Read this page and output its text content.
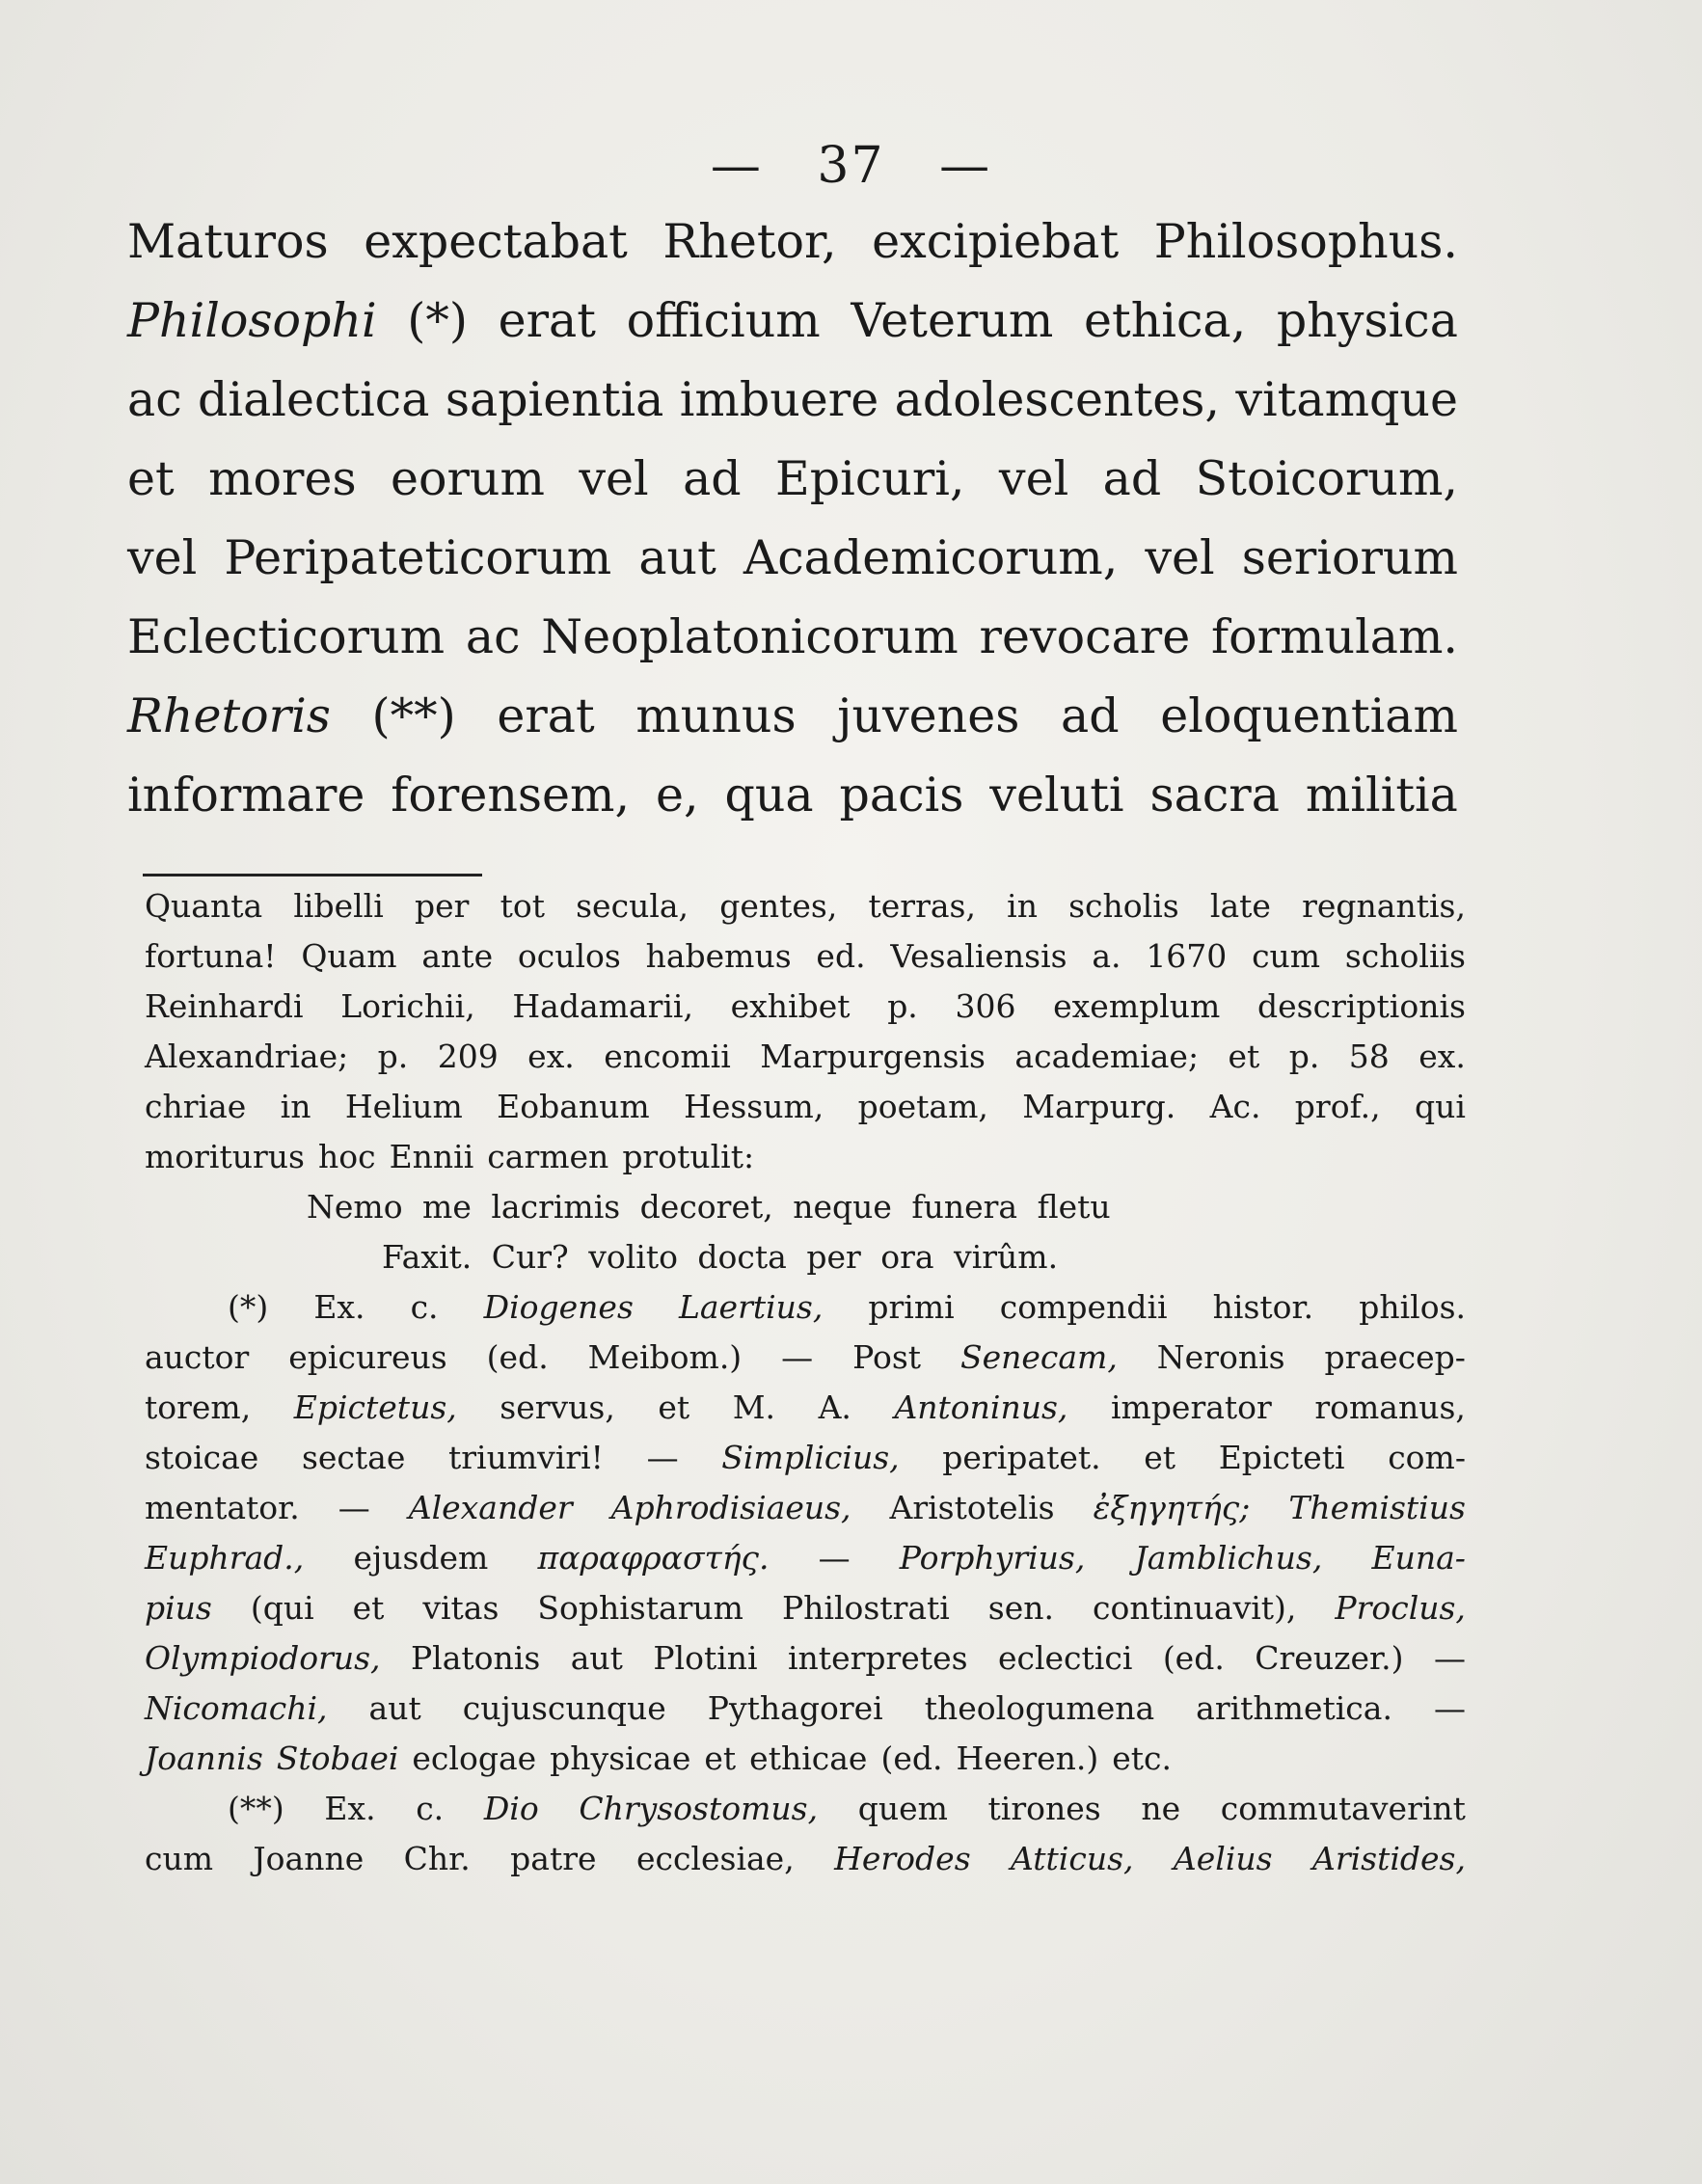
— 37 —
Maturos expectabat Rhetor, excipiebat Philosophus.
Philosophi (*) erat officium Veterum ethica, physica
ac dialectica sapientia imbuere adolescentes, vitamque
et mores eorum vel ad Epicuri, vel ad Stoicorum,
vel Peripateticorum aut Academicorum, vel seriorum
Eclecticorum ac Neoplatonicorum revocare formulam.
Rhetoris (**) erat munus juvenes ad eloquentiam
informare forensem, e, qua pacis veluti sacra militia
Quanta libelli per tot secula, gentes, terras, in scholis late regnantis,
fortuna! Quam ante oculos habemus ed. Vesaliensis a. 1670 cum scholiis
Reinhardi Lorichii, Hadamarii, exhibet p. 306 exemplum descriptionis
Alexandriae; p. 209 ex. encomii Marpurgensis academiae; et p. 58 ex.
chriae in Helium Eobanum Hessum, poetam, Marpurg. Ac. prof., qui
moriturus hoc Ennii carmen protulit:
Nemo me lacrimis decoret, neque funera fletu
Faxit. Cur? volito docta per ora virûm.
(*) Ex. c. Diogenes Laertius, primi compendii histor. philos.
auctor epicureus (ed. Meibom.) — Post Senecam, Neronis praecep-
torem, Epictetus, servus, et M. A. Antoninus, imperator romanus,
stoicae sectae triumviri! — Simplicius, peripatet. et Epicteti com-
mentator. — Alexander Aphrodisiaeus, Aristotelis ἐξηγητής; Themistius
Euphrad., ejusdem παραφραστής. — Porphyrius, Jamblichus, Euna-
pius (qui et vitas Sophistarum Philostrati sen. continuavit), Proclus,
Olympiodorus, Platonis aut Plotini interpretes eclectici (ed. Creuzer.) —
Nicomachi, aut cujuscunque Pythagorei theologumena arithmetica. —
Joannis Stobaei eclogae physicae et ethicae (ed. Heeren.) etc.
(**) Ex. c. Dio Chrysostomus, quem tirones ne commutaverint
cum Joanne Chr. patre ecclesiae, Herodes Atticus, Aelius Aristides,
